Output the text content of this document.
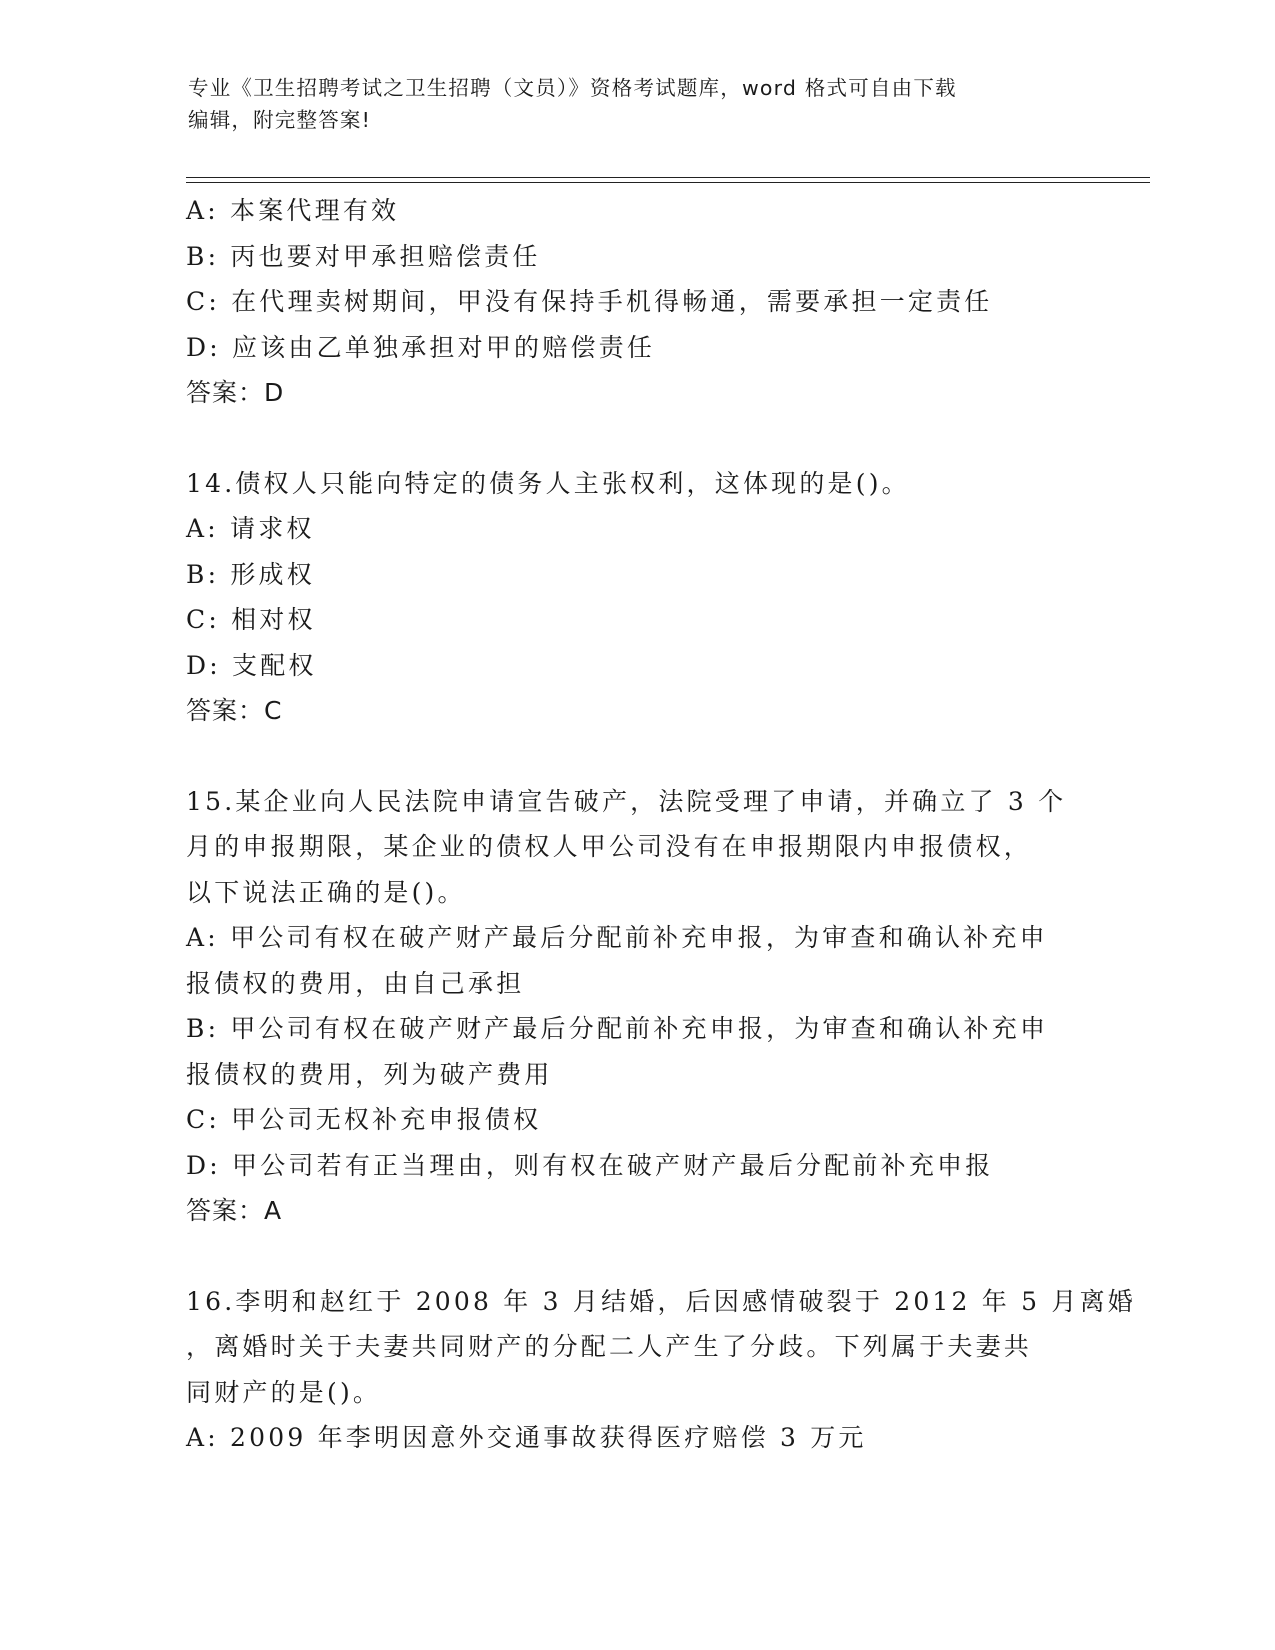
专业《卫生招聘考试之卫生招聘（文员）》资格考试题库，word 格式可自由下载
编辑，附完整答案!
A: 本案代理有效
B: 丙也要对甲承担赔偿责任
C: 在代理卖树期间，甲没有保持手机得畅通，需要承担一定责任
D: 应该由乙单独承担对甲的赔偿责任
答案：D
14.债权人只能向特定的债务人主张权利，这体现的是()。
A: 请求权
B: 形成权
C: 相对权
D: 支配权
答案：C
15.某企业向人民法院申请宣告破产，法院受理了申请，并确立了 3 个
月的申报期限，某企业的债权人甲公司没有在申报期限内申报债权，
以下说法正确的是()。
A: 甲公司有权在破产财产最后分配前补充申报，为审查和确认补充申
报债权的费用，由自己承担
B: 甲公司有权在破产财产最后分配前补充申报，为审查和确认补充申
报债权的费用，列为破产费用
C: 甲公司无权补充申报债权
D: 甲公司若有正当理由，则有权在破产财产最后分配前补充申报
答案：A
16.李明和赵红于 2008 年 3 月结婚，后因感情破裂于 2012 年 5 月离婚
，离婚时关于夫妻共同财产的分配二人产生了分歧。下列属于夫妻共
同财产的是()。
A: 2009 年李明因意外交通事故获得医疗赔偿 3 万元
